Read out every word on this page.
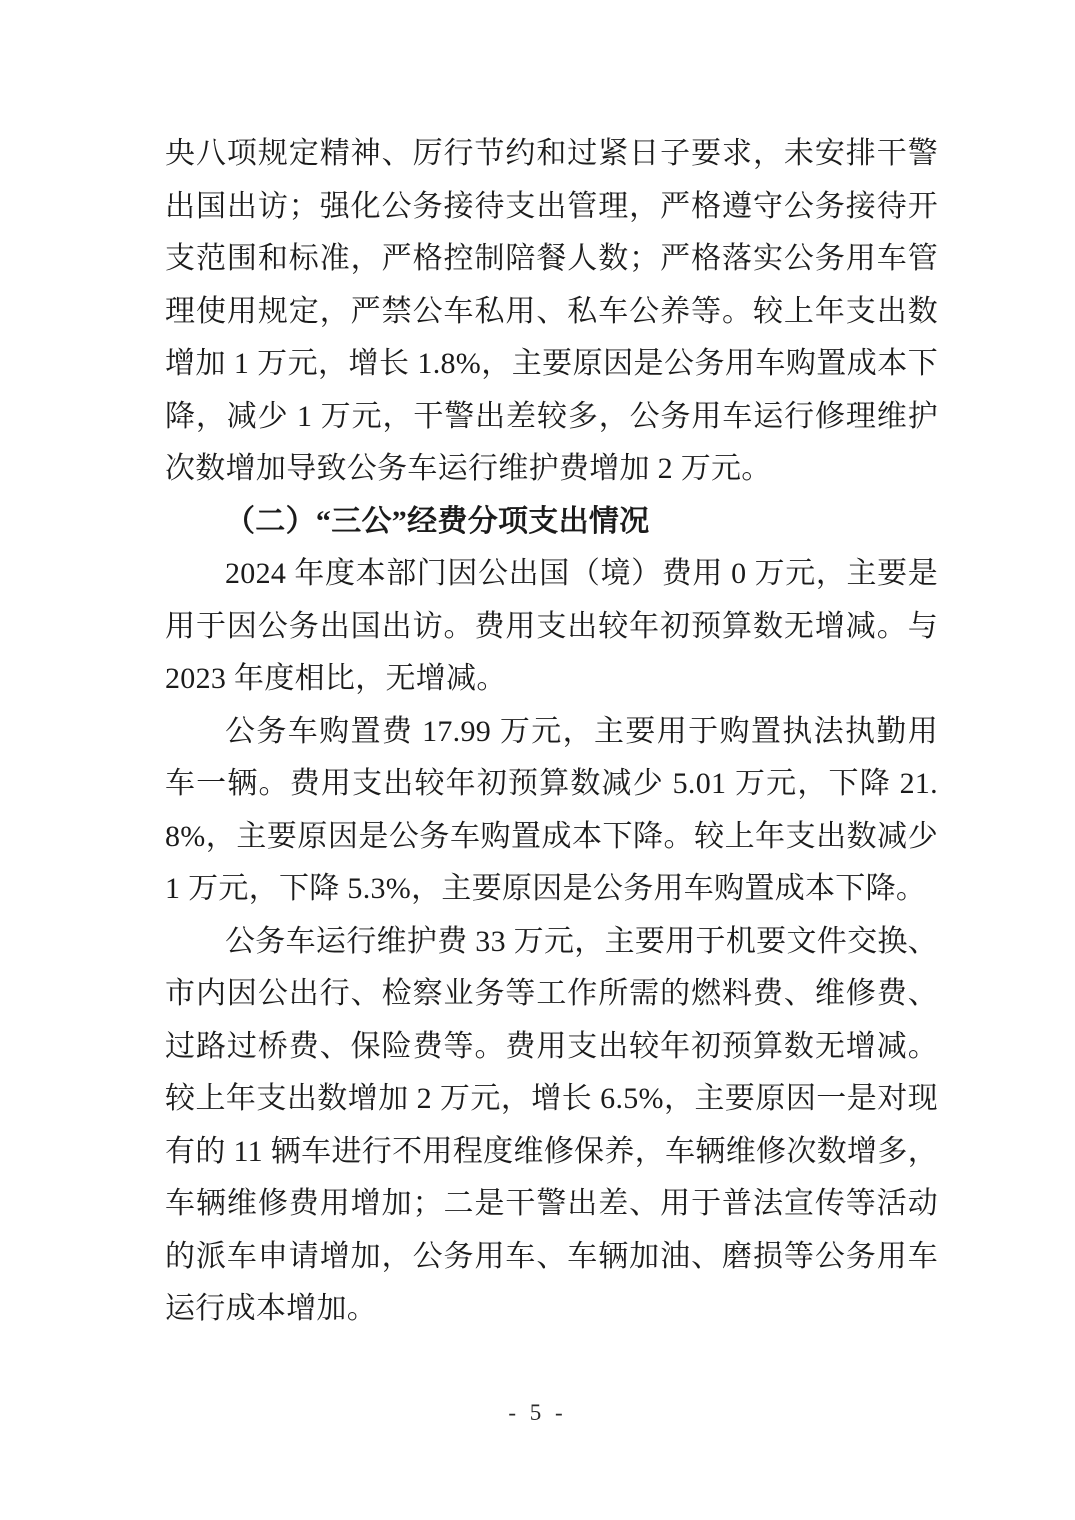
央八项规定精神、厉行节约和过紧日子要求，未安排干警出国出访；强化公务接待支出管理，严格遵守公务接待开支范围和标准，严格控制陪餐人数；严格落实公务用车管理使用规定，严禁公车私用、私车公养等。较上年支出数增加 1 万元，增长 1.8%，主要原因是公务用车购置成本下降，减少 1 万元，干警出差较多，公务用车运行修理维护次数增加导致公务车运行维护费增加 2 万元。

（二）“三公”经费分项支出情况

2024 年度本部门因公出国（境）费用 0 万元，主要是用于因公务出国出访。费用支出较年初预算数无增减。与 2023 年度相比，无增减。

公务车购置费 17.99 万元，主要用于购置执法执勤用车一辆。费用支出较年初预算数减少 5.01 万元，下降 21.8%，主要原因是公务车购置成本下降。较上年支出数减少 1 万元，下降 5.3%，主要原因是公务用车购置成本下降。

公务车运行维护费 33 万元，主要用于机要文件交换、市内因公出行、检察业务等工作所需的燃料费、维修费、过路过桥费、保险费等。费用支出较年初预算数无增减。较上年支出数增加 2 万元，增长 6.5%，主要原因一是对现有的 11 辆车进行不用程度维修保养，车辆维修次数增多，车辆维修费用增加；二是干警出差、用于普法宣传等活动的派车申请增加，公务用车、车辆加油、磨损等公务用车运行成本增加。

- 5 -
